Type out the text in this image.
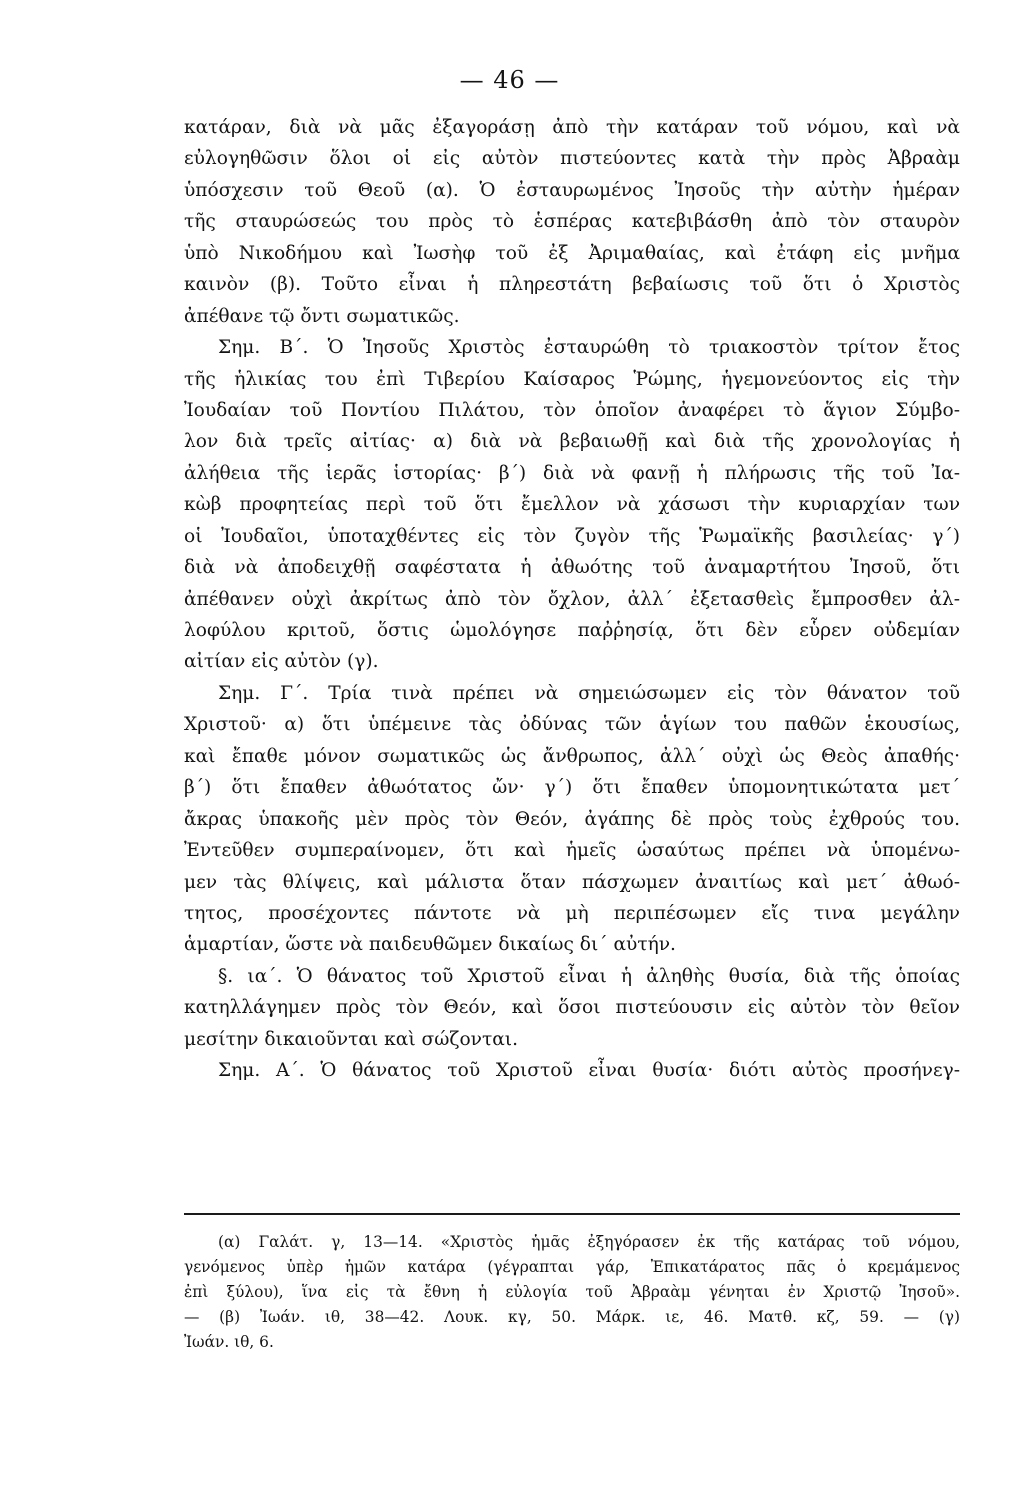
— 46 —
κατάραν, διὰ νὰ μᾶς ἐξαγοράσῃ ἀπὸ τὴν κατάραν τοῦ νόμου, καὶ νὰ
εὐλογηθῶσιν ὅλοι οἱ εἰς αὐτὸν πιστεύοντες κατὰ τὴν πρὸς Ἀβραὰμ
ὑπόσχεσιν τοῦ Θεοῦ (α). Ὁ ἐσταυρωμένος Ἰησοῦς τὴν αὐτὴν ἡμέραν
τῆς σταυρώσεώς του πρὸς τὸ ἑσπέρας κατεβιβάσθη ἀπὸ τὸν σταυρὸν
ὑπὸ Νικοδήμου καὶ Ἰωσὴφ τοῦ ἐξ Ἀριμαθαίας, καὶ ἐτάφη εἰς μνῆμα
καινὸν (β). Τοῦτο εἶναι ἡ πληρεστάτη βεβαίωσις τοῦ ὅτι ὁ Χριστὸς
ἀπέθανε τῷ ὄντι σωματικῶς.
Σημ. Β΄. Ὁ Ἰησοῦς Χριστὸς ἐσταυρώθη τὸ τριακοστὸν τρίτον ἔτος
τῆς ἡλικίας του ἐπὶ Τιβερίου Καίσαρος Ῥώμης, ἡγεμονεύοντος εἰς τὴν
Ἰουδαίαν τοῦ Ποντίου Πιλάτου, τὸν ὁποῖον ἀναφέρει τὸ ἅγιον Σύμβο-
λον διὰ τρεῖς αἰτίας· α) διὰ νὰ βεβαιωθῇ καὶ διὰ τῆς χρονολογίας ἡ
ἀλήθεια τῆς ἱερᾶς ἱστορίας· β΄) διὰ νὰ φανῇ ἡ πλήρωσις τῆς τοῦ Ἰα-
κὼβ προφητείας περὶ τοῦ ὅτι ἔμελλον νὰ χάσωσι τὴν κυριαρχίαν των
οἱ Ἰουδαῖοι, ὑποταχθέντες εἰς τὸν ζυγὸν τῆς Ῥωμαϊκῆς βασιλείας· γ΄)
διὰ νὰ ἀποδειχθῇ σαφέστατα ἡ ἀθωότης τοῦ ἀναμαρτήτου Ἰησοῦ, ὅτι
ἀπέθανεν οὐχὶ ἀκρίτως ἀπὸ τὸν ὄχλον, ἀλλ΄ ἐξετασθεὶς ἔμπροσθεν ἀλ-
λοφύλου κριτοῦ, ὅστις ὡμολόγησε παῤῥησίᾳ, ὅτι δὲν εὗρεν οὐδεμίαν
αἰτίαν εἰς αὐτὸν (γ).
Σημ. Γ΄. Τρία τινὰ πρέπει νὰ σημειώσωμεν εἰς τὸν θάνατον τοῦ
Χριστοῦ· α) ὅτι ὑπέμεινε τὰς ὀδύνας τῶν ἁγίων του παθῶν ἑκουσίως,
καὶ ἔπαθε μόνον σωματικῶς ὡς ἄνθρωπος, ἀλλ΄ οὐχὶ ὡς Θεὸς ἀπαθής·
β΄) ὅτι ἔπαθεν ἀθωότατος ὤν· γ΄) ὅτι ἔπαθεν ὑπομονητικώτατα μετ΄
ἄκρας ὑπακοῆς μὲν πρὸς τὸν Θεόν, ἀγάπης δὲ πρὸς τοὺς ἐχθρούς του.
Ἐντεῦθεν συμπεραίνομεν, ὅτι καὶ ἡμεῖς ὡσαύτως πρέπει νὰ ὑπομένω-
μεν τὰς θλίψεις, καὶ μάλιστα ὅταν πάσχωμεν ἀναιτίως καὶ μετ΄ ἀθωό-
τητος, προσέχοντες πάντοτε νὰ μὴ περιπέσωμεν εἴς τινα μεγάλην
ἁμαρτίαν, ὥστε νὰ παιδευθῶμεν δικαίως δι΄ αὐτήν.
§. ια΄. Ὁ θάνατος τοῦ Χριστοῦ εἶναι ἡ ἀληθὴς θυσία, διὰ τῆς ὁποίας
κατηλλάγημεν πρὸς τὸν Θεόν, καὶ ὅσοι πιστεύουσιν εἰς αὐτὸν τὸν θεῖον
μεσίτην δικαιοῦνται καὶ σώζονται.
Σημ. Α΄. Ὁ θάνατος τοῦ Χριστοῦ εἶναι θυσία· διότι αὐτὸς προσήνεγ-
(α) Γαλάτ. γ, 13—14. «Χριστὸς ἡμᾶς ἐξηγόρασεν ἐκ τῆς κατάρας τοῦ νόμου,
γενόμενος ὑπὲρ ἡμῶν κατάρα (γέγραπται γάρ, Ἐπικατάρατος πᾶς ὁ κρεμάμενος
ἐπὶ ξύλου), ἵνα εἰς τὰ ἔθνη ἡ εὐλογία τοῦ Ἀβραὰμ γένηται ἐν Χριστῷ Ἰησοῦ».
— (β) Ἰωάν. ιθ, 38—42. Λουκ. κγ, 50. Μάρκ. ιε, 46. Ματθ. κζ, 59. — (γ)
Ἰωάν. ιθ, 6.
